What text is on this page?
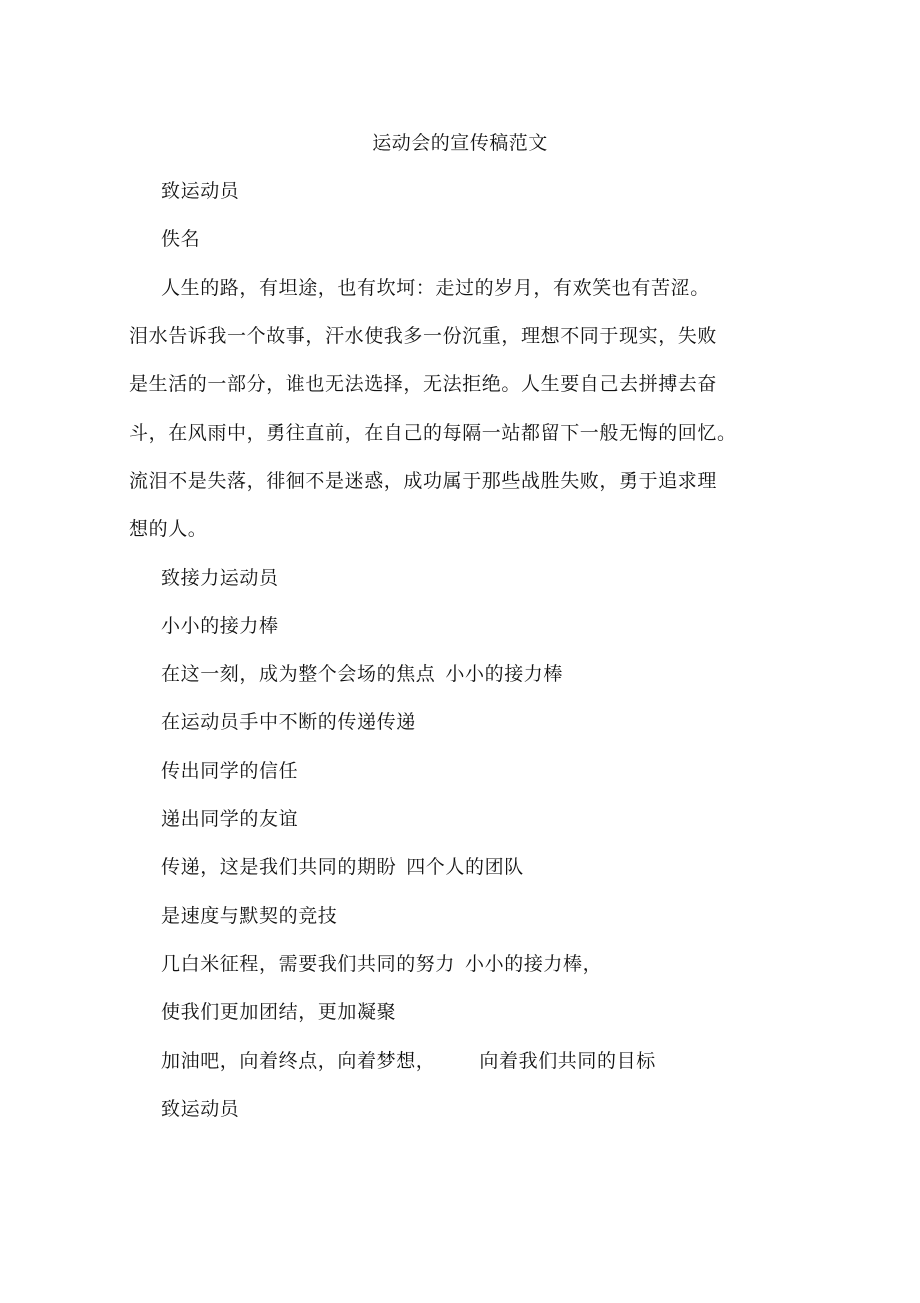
运动会的宣传稿范文
致运动员
佚名
人生的路，有坦途，也有坎坷：走过的岁月，有欢笑也有苦涩。
泪水告诉我一个故事，汗水使我多一份沉重，理想不同于现实，失败
是生活的一部分，谁也无法选择，无法拒绝。人生要自己去拼搏去奋
斗，在风雨中，勇往直前，在自己的每隔一站都留下一般无悔的回忆。
流泪不是失落，徘徊不是迷惑，成功属于那些战胜失败，勇于追求理
想的人。
致接力运动员
小小的接力棒
在这一刻，成为整个会场的焦点 小小的接力棒
在运动员手中不断的传递传递
传出同学的信任
递出同学的友谊
传递，这是我们共同的期盼 四个人的团队
是速度与默契的竞技
几白米征程，需要我们共同的努力 小小的接力棒，
使我们更加团结，更加凝聚
加油吧，向着终点，向着梦想， 向着我们共同的目标
致运动员
